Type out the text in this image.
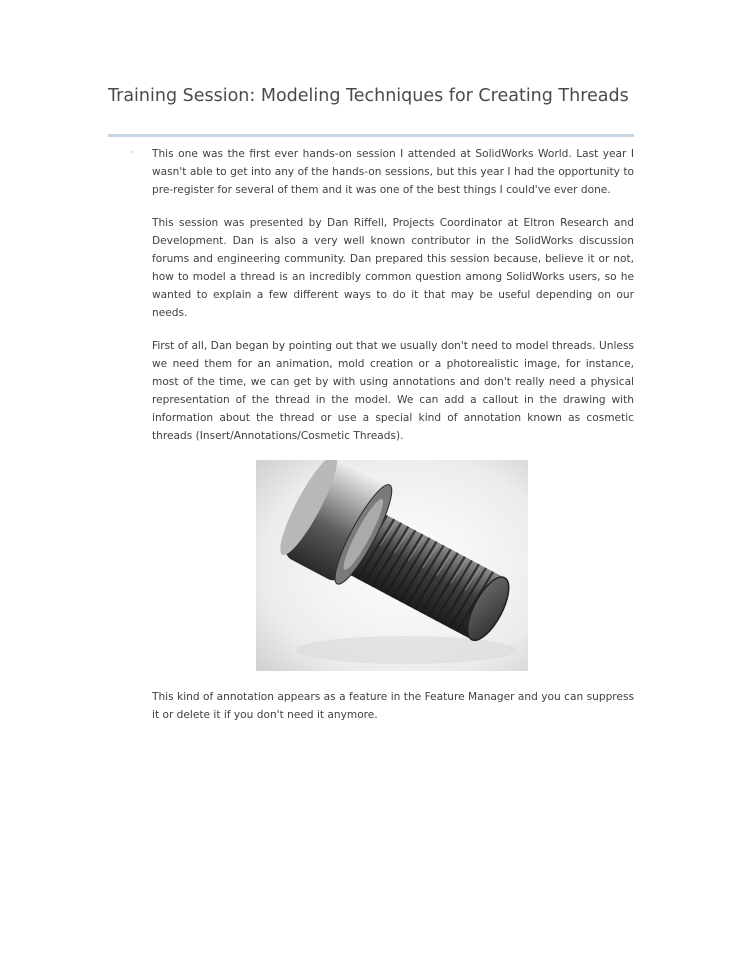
Training Session: Modeling Techniques for Creating Threads
· This one was the first ever hands-on session I attended at SolidWorks World. Last year I wasn't able to get into any of the hands-on sessions, but this year I had the opportunity to pre-register for several of them and it was one of the best things I could've ever done.

This session was presented by Dan Riffell, Projects Coordinator at Eltron Research and Development. Dan is also a very well known contributor in the SolidWorks discussion forums and engineering community. Dan prepared this session because, believe it or not, how to model a thread is an incredibly common question among SolidWorks users, so he wanted to explain a few different ways to do it that may be useful depending on our needs.

First of all, Dan began by pointing out that we usually don't need to model threads. Unless we need them for an animation, mold creation or a photorealistic image, for instance, most of the time, we can get by with using annotations and don't really need a physical representation of the thread in the model. We can add a callout in the drawing with information about the thread or use a special kind of annotation known as cosmetic threads (Insert/Annotations/Cosmetic Threads).

This kind of annotation appears as a feature in the Feature Manager and you can suppress it or delete it if you don't need it anymore.
